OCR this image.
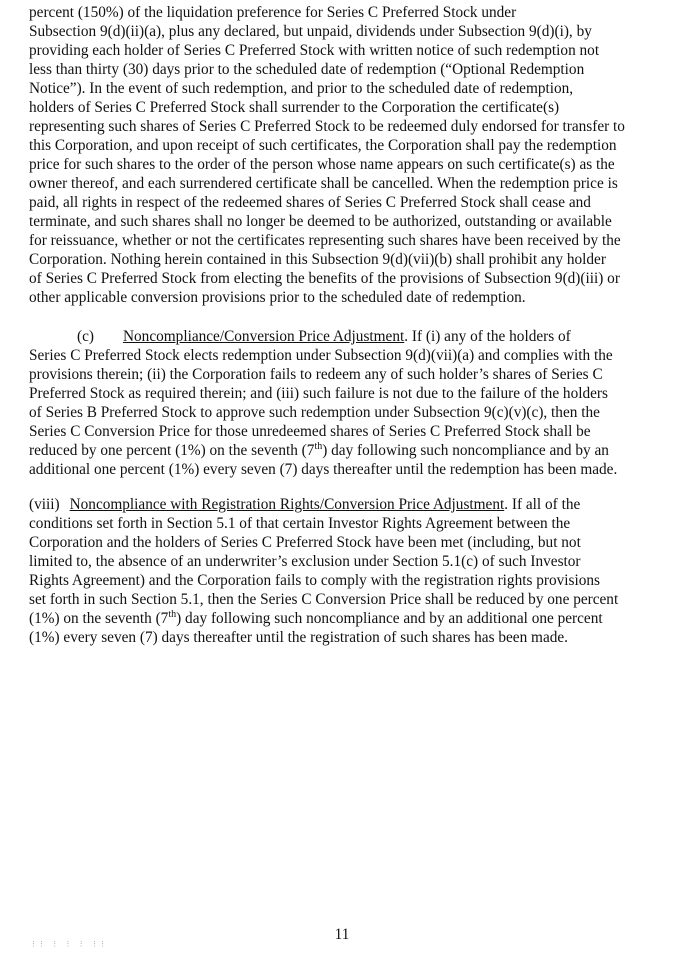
percent (150%) of the liquidation preference for Series C Preferred Stock under
Subsection 9(d)(ii)(a), plus any declared, but unpaid, dividends under Subsection 9(d)(i), by
providing each holder of Series C Preferred Stock with written notice of such redemption not
less than thirty (30) days prior to the scheduled date of redemption (“Optional Redemption
Notice”). In the event of such redemption, and prior to the scheduled date of redemption,
holders of Series C Preferred Stock shall surrender to the Corporation the certificate(s)
representing such shares of Series C Preferred Stock to be redeemed duly endorsed for transfer to
this Corporation, and upon receipt of such certificates, the Corporation shall pay the redemption
price for such shares to the order of the person whose name appears on such certificate(s) as the
owner thereof, and each surrendered certificate shall be cancelled. When the redemption price is
paid, all rights in respect of the redeemed shares of Series C Preferred Stock shall cease and
terminate, and such shares shall no longer be deemed to be authorized, outstanding or available
for reissuance, whether or not the certificates representing such shares have been received by the
Corporation. Nothing herein contained in this Subsection 9(d)(vii)(b) shall prohibit any holder
of Series C Preferred Stock from electing the benefits of the provisions of Subsection 9(d)(iii) or
other applicable conversion provisions prior to the scheduled date of redemption.
(c) Noncompliance/Conversion Price Adjustment. If (i) any of the holders of
Series C Preferred Stock elects redemption under Subsection 9(d)(vii)(a) and complies with the
provisions therein; (ii) the Corporation fails to redeem any of such holder’s shares of Series C
Preferred Stock as required therein; and (iii) such failure is not due to the failure of the holders
of Series B Preferred Stock to approve such redemption under Subsection 9(c)(v)(c), then the
Series C Conversion Price for those unredeemed shares of Series C Preferred Stock shall be
reduced by one percent (1%) on the seventh (7th) day following such noncompliance and by an
additional one percent (1%) every seven (7) days thereafter until the redemption has been made.
(viii) Noncompliance with Registration Rights/Conversion Price Adjustment. If all of the
conditions set forth in Section 5.1 of that certain Investor Rights Agreement between the
Corporation and the holders of Series C Preferred Stock have been met (including, but not
limited to, the absence of an underwriter’s exclusion under Section 5.1(c) of such Investor
Rights Agreement) and the Corporation fails to comply with the registration rights provisions
set forth in such Section 5.1, then the Series C Conversion Price shall be reduced by one percent
(1%) on the seventh (7th) day following such noncompliance and by an additional one percent
(1%) every seven (7) days thereafter until the registration of such shares has been made.
⋮⋮ ⋮ ⋮ ⋮ ⋮⋮
11
